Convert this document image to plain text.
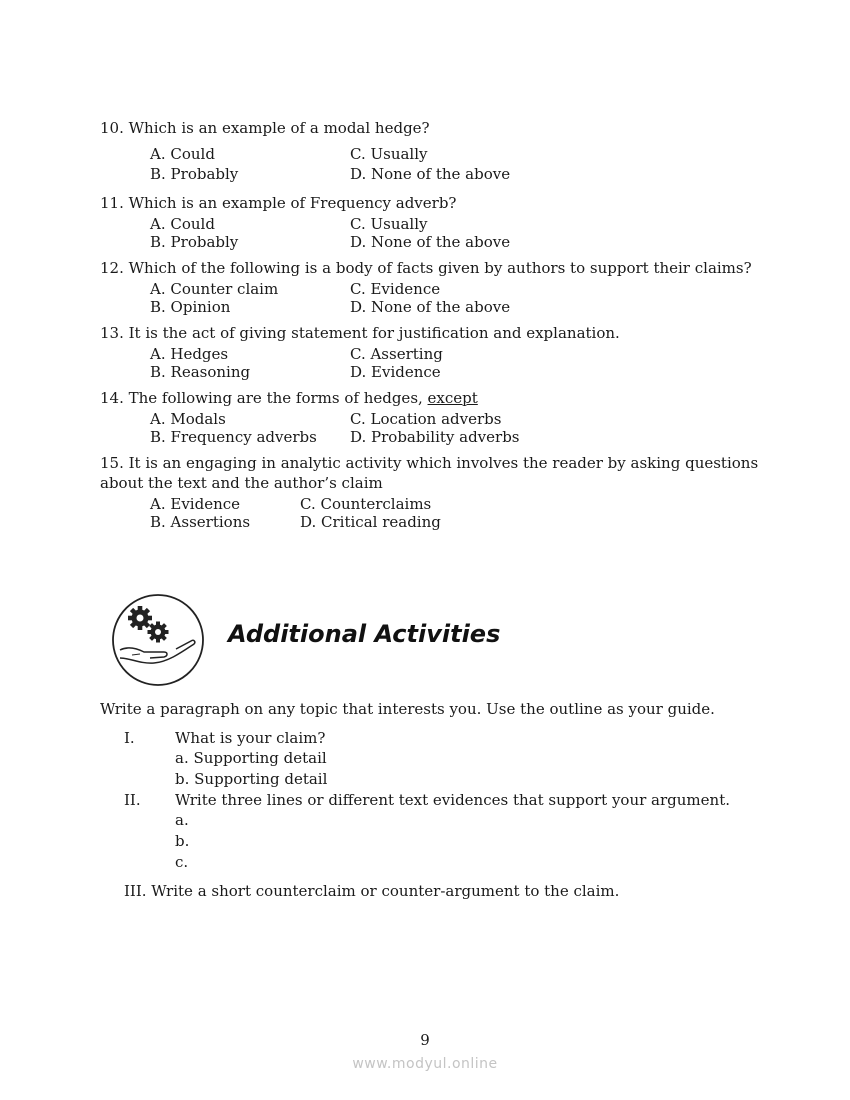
10. Which is an example of a modal hedge?
A. Could	C. Usually
B. Probably	D. None of the above
11. Which is an example of Frequency adverb?
A. Could	C. Usually
B. Probably	D. None of the above
12. Which of the following is a body of facts given by authors to support their claims?
A. Counter claim	C. Evidence
B. Opinion	D. None of the above
13. It is the act of giving statement for justification and explanation.
A. Hedges	C. Asserting
B. Reasoning	D. Evidence
14. The following are the forms of hedges, except
A. Modals	C. Location adverbs
B. Frequency adverbs D. Probability adverbs
15. It is an engaging in analytic activity which involves the reader by asking questions
about the text and the author’s claim
A. Evidence	C. Counterclaims
B. Assertions	D. Critical reading
Additional Activities
Write a paragraph on any topic that interests you. Use the outline as your guide.
I.	What is your claim?
a. Supporting detail
b. Supporting detail
II. Write three lines or different text evidences that support your argument.
a.
b.
c.
III. Write a short counterclaim or counter-argument to the claim.
9
www.modyul.online
